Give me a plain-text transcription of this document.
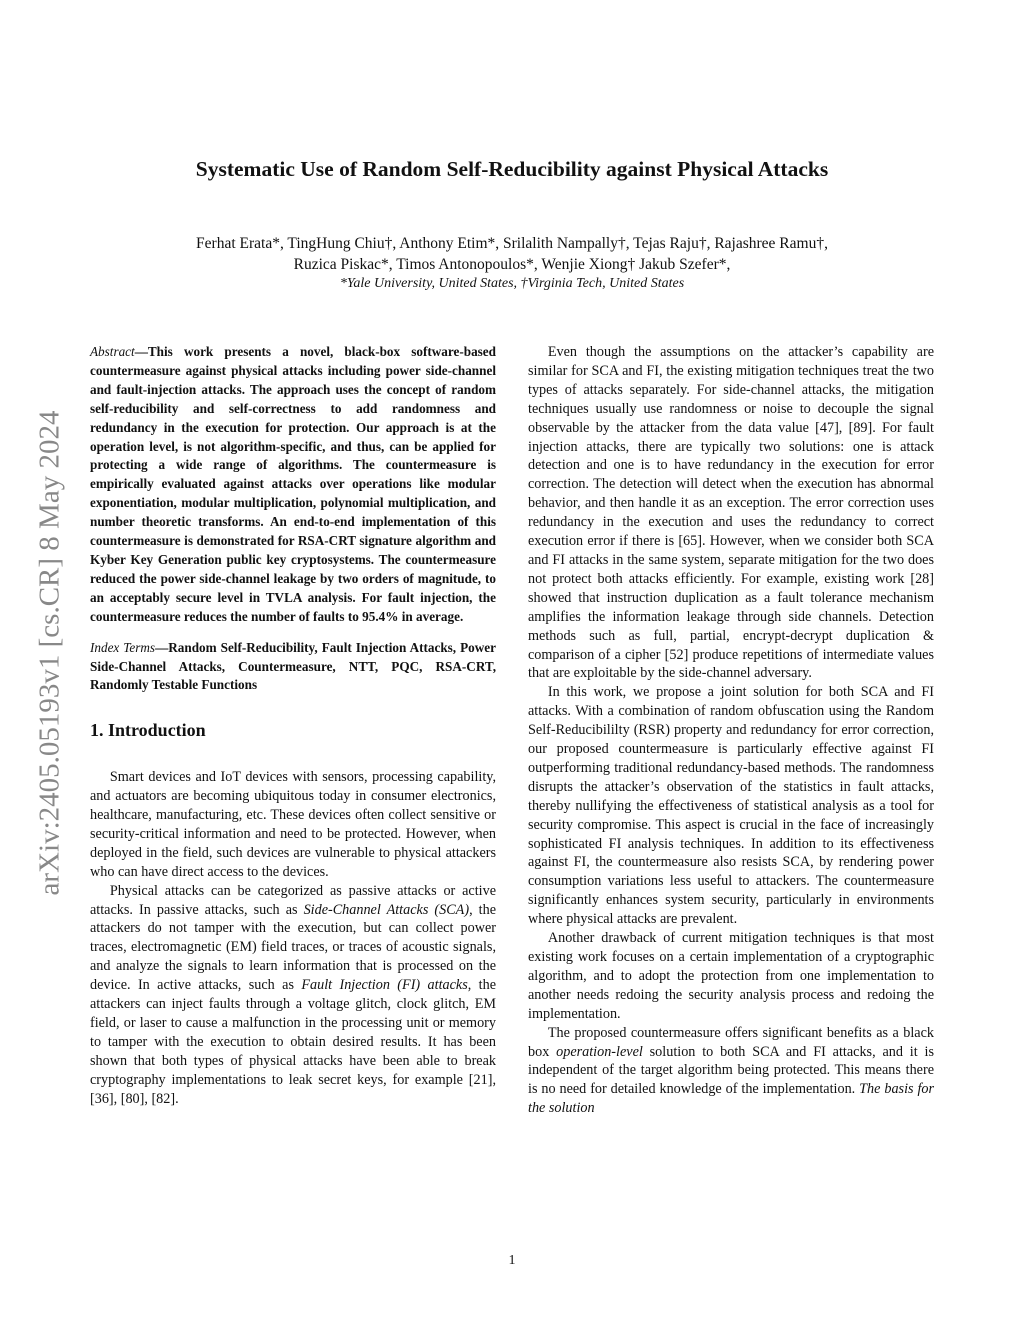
Systematic Use of Random Self-Reducibility against Physical Attacks
Ferhat Erata*, TingHung Chiu†, Anthony Etim*, Srilalith Nampally†, Tejas Raju†, Rajashree Ramu†,
Ruzica Piskac*, Timos Antonopoulos*, Wenjie Xiong† Jakub Szefer*,
*Yale University, United States, †Virginia Tech, United States
arXiv:2405.05193v1 [cs.CR] 8 May 2024

Abstract—This work presents a novel, black-box software-based countermeasure against physical attacks including power side-channel and fault-injection attacks. The approach uses the concept of random self-reducibility and self-correctness to add randomness and redundancy in the execution for protection. Our approach is at the operation level, is not algorithm-specific, and thus, can be applied for protecting a wide range of algorithms. The countermeasure is empirically evaluated against attacks over operations like modular exponentiation, modular multiplication, polynomial multiplication, and number theoretic transforms. An end-to-end implementation of this countermeasure is demonstrated for RSA-CRT signature algorithm and Kyber Key Generation public key cryptosystems. The countermeasure reduced the power side-channel leakage by two orders of magnitude, to an acceptably secure level in TVLA analysis. For fault injection, the countermeasure reduces the number of faults to 95.4% in average.

Index Terms—Random Self-Reducibility, Fault Injection Attacks, Power Side-Channel Attacks, Countermeasure, NTT, PQC, RSA-CRT, Randomly Testable Functions

1. Introduction

Smart devices and IoT devices with sensors, processing capability, and actuators are becoming ubiquitous today in consumer electronics, healthcare, manufacturing, etc. These devices often collect sensitive or security-critical information and need to be protected. However, when deployed in the field, such devices are vulnerable to physical attackers who can have direct access to the devices.

Physical attacks can be categorized as passive attacks or active attacks. In passive attacks, such as Side-Channel Attacks (SCA), the attackers do not tamper with the execution, but can collect power traces, electromagnetic (EM) field traces, or traces of acoustic signals, and analyze the signals to learn information that is processed on the device. In active attacks, such as Fault Injection (FI) attacks, the attackers can inject faults through a voltage glitch, clock glitch, EM field, or laser to cause a malfunction in the processing unit or memory to tamper with the execution to obtain desired results. It has been shown that both types of physical attacks have been able to break cryptography implementations to leak secret keys, for example [21], [36], [80], [82].

Even though the assumptions on the attacker’s capability are similar for SCA and FI, the existing mitigation techniques treat the two types of attacks separately. For side-channel attacks, the mitigation techniques usually use randomness or noise to decouple the signal observable by the attacker from the data value [47], [89]. For fault injection attacks, there are typically two solutions: one is attack detection and one is to have redundancy in the execution for error correction. The detection will detect when the execution has abnormal behavior, and then handle it as an exception. The error correction uses redundancy in the execution and uses the redundancy to correct execution error if there is [65]. However, when we consider both SCA and FI attacks in the same system, separate mitigation for the two does not protect both attacks efficiently. For example, existing work [28] showed that instruction duplication as a fault tolerance mechanism amplifies the information leakage through side channels. Detection methods such as full, partial, encrypt-decrypt duplication & comparison of a cipher [52] produce repetitions of intermediate values that are exploitable by the side-channel adversary.

In this work, we propose a joint solution for both SCA and FI attacks. With a combination of random obfuscation using the Random Self-Reducibililty (RSR) property and redundancy for error correction, our proposed countermeasure is particularly effective against FI outperforming traditional redundancy-based methods. The randomness disrupts the attacker’s observation of the statistics in fault attacks, thereby nullifying the effectiveness of statistical analysis as a tool for security compromise. This aspect is crucial in the face of increasingly sophisticated FI analysis techniques. In addition to its effectiveness against FI, the countermeasure also resists SCA, by rendering power consumption variations less useful to attackers. The countermeasure significantly enhances system security, particularly in environments where physical attacks are prevalent.

Another drawback of current mitigation techniques is that most existing work focuses on a certain implementation of a cryptographic algorithm, and to adopt the protection from one implementation to another needs redoing the security analysis process and redoing the implementation.

The proposed countermeasure offers significant benefits as a black box operation-level solution to both SCA and FI attacks, and it is independent of the target algorithm being protected. This means there is no need for detailed knowledge of the implementation. The basis for the solution

1
